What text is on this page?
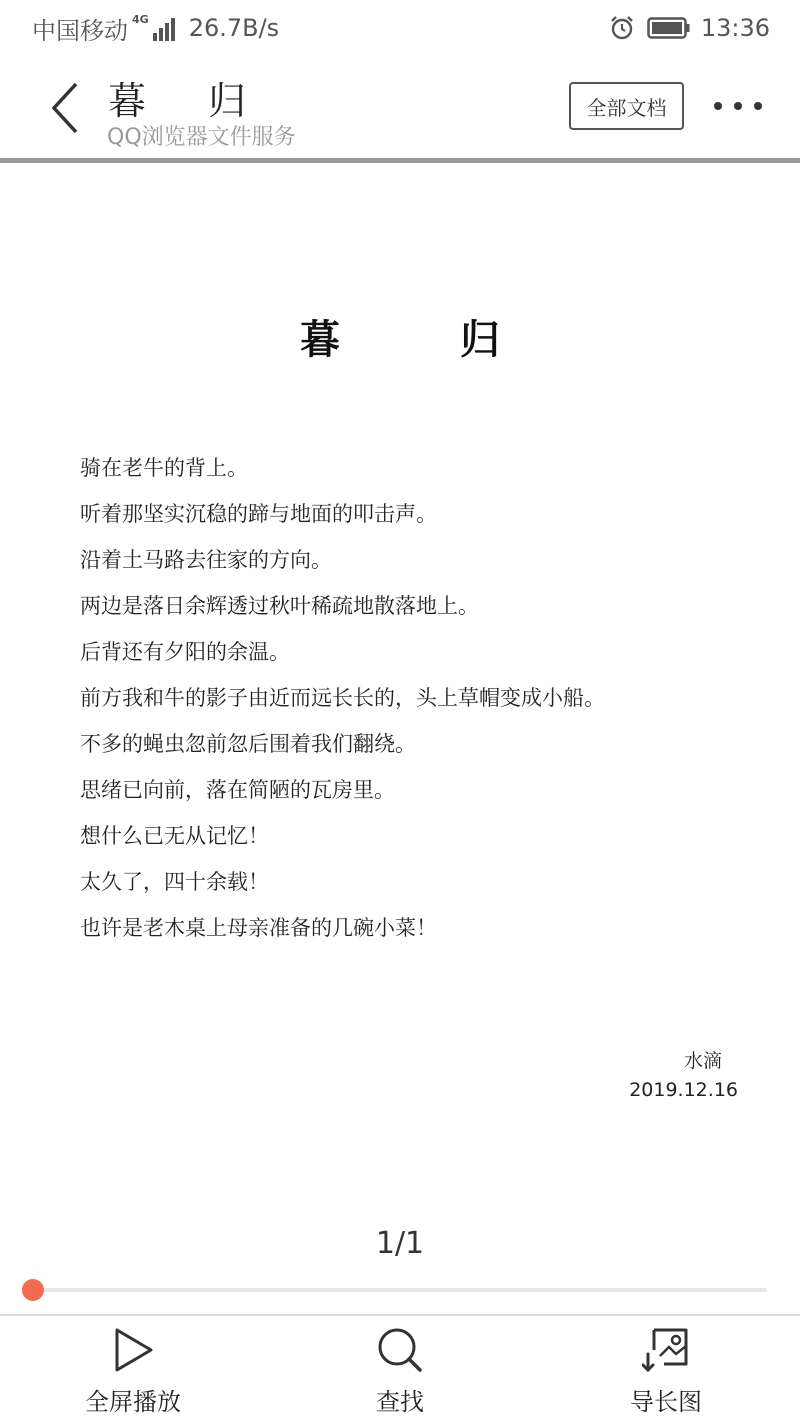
中国移动 4G 26.7B/s	13:36
暮归
QQ浏览器文件服务
全部文档
暮归
骑在老牛的背上。
听着那坚实沉稳的蹄与地面的叩击声。
沿着土马路去往家的方向。
两边是落日余辉透过秋叶稀疏地散落地上。
后背还有夕阳的余温。
前方我和牛的影子由近而远长长的，头上草帽变成小船。
不多的蝇虫忽前忽后围着我们翻绕。
思绪已向前，落在简陋的瓦房里。
想什么已无从记忆！
太久了，四十余载！
也许是老木桌上母亲准备的几碗小菜！
水滴
2019.12.16
1/1
全屏播放	查找	导长图
